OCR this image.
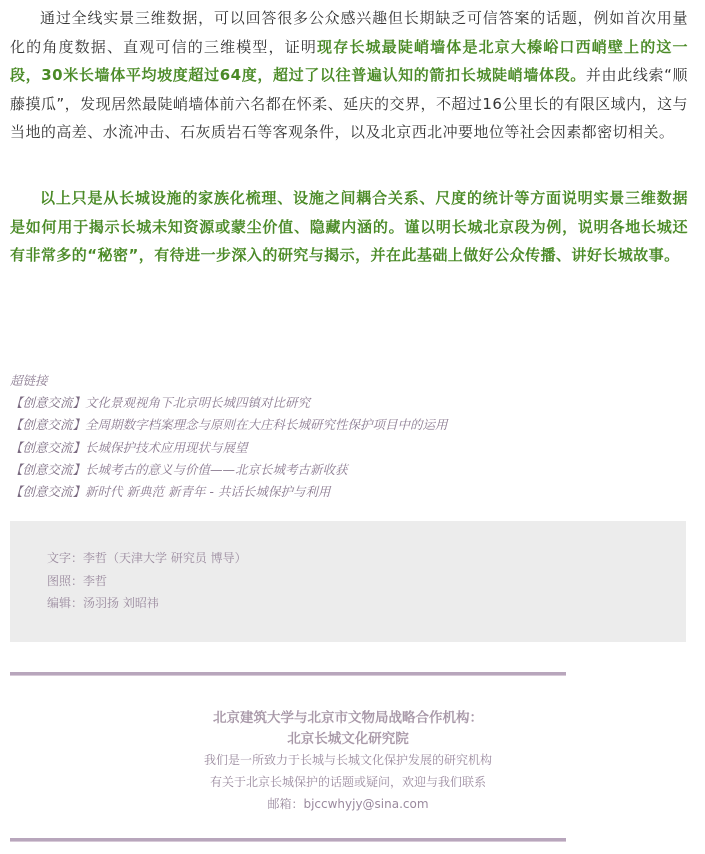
通过全线实景三维数据，可以回答很多公众感兴趣但长期缺乏可信答案的话题，例如首次用量化的角度数据、直观可信的三维模型，证明现存长城最陡峭墙体是北京大榛峪口西峭壁上的这一段，30米长墙体平均坡度超过64度，超过了以往普遍认知的箭扣长城陡峭墙体段。并由此线索“顺藤摸瓜”，发现居然最陡峭墙体前六名都在怀柔、延庆的交界，不超过16公里长的有限区域内，这与当地的高差、水流冲击、石灰质岩石等客观条件，以及北京西北冲要地位等社会因素都密切相关。

以上只是从长城设施的家族化梳理、设施之间耦合关系、尺度的统计等方面说明实景三维数据是如何用于揭示长城未知资源或蒙尘价值、隐藏内涵的。谨以明长城北京段为例，说明各地长城还有非常多的“秘密”，有待进一步深入的研究与揭示，并在此基础上做好公众传播、讲好长城故事。

超链接
【创意交流】文化景观视角下北京明长城四镇对比研究
【创意交流】全周期数字档案理念与原则在大庄科长城研究性保护项目中的运用
【创意交流】长城保护技术应用现状与展望
【创意交流】长城考古的意义与价值——北京长城考古新收获
【创意交流】新时代 新典范 新青年 - 共话长城保护与利用
文字：李哲（天津大学 研究员 博导）
图照：李哲
编辑：汤羽扬 刘昭祎
北京建筑大学与北京市文物局战略合作机构：
北京长城文化研究院
我们是一所致力于长城与长城文化保护发展的研究机构
有关于北京长城保护的话题或疑问，欢迎与我们联系
邮箱：bjccwhyjy@sina.com
